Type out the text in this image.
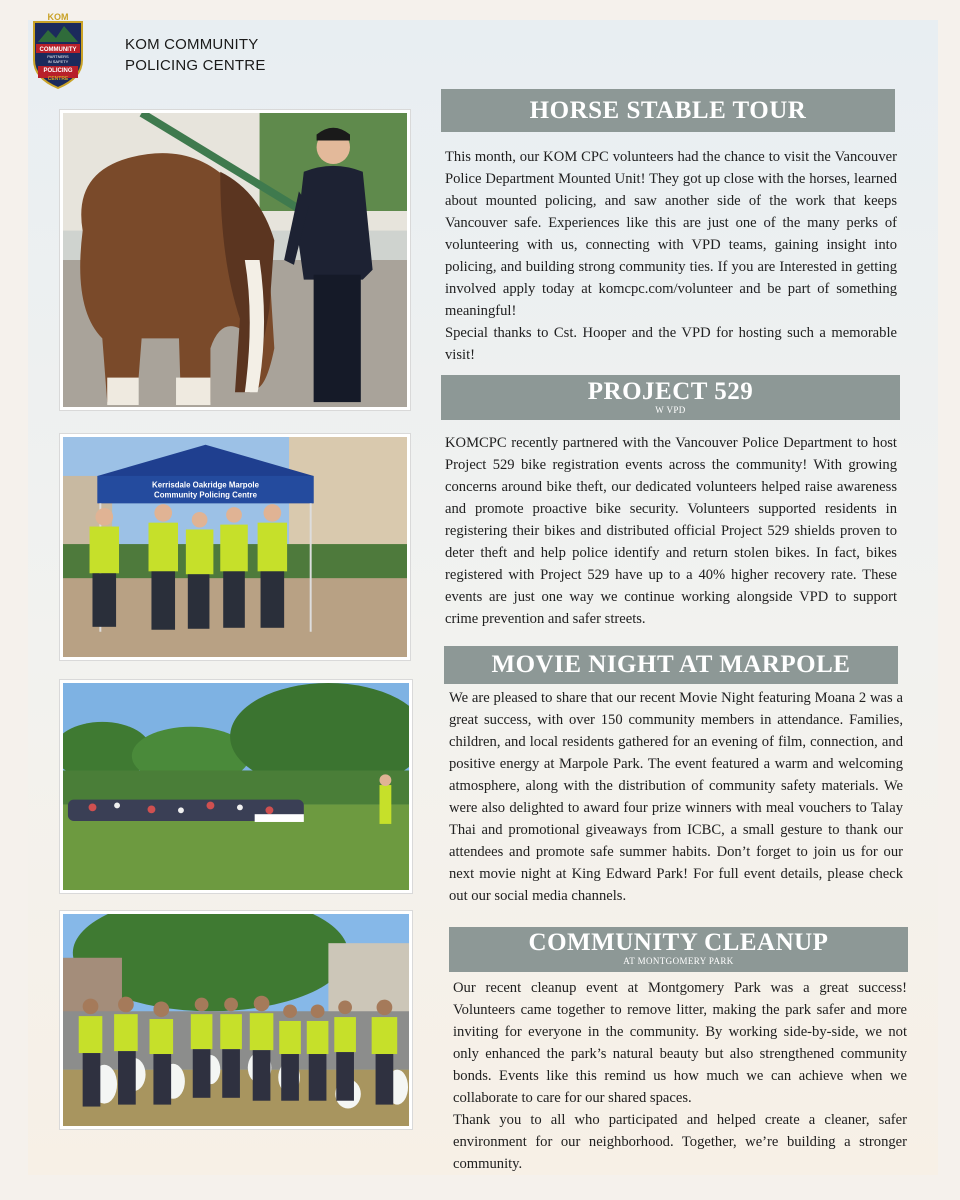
KOM
COMMUNITY
PARTNERS
IN SAFETY
POLICING
CENTRE
KOM COMMUNITY
POLICING CENTRE
Kerrisdale Oakridge Marpole
Community Policing Centre
HORSE STABLE TOUR

This month, our KOM CPC volunteers had the chance to visit the Vancouver Police Department Mounted Unit! They got up close with the horses, learned about mounted policing, and saw another side of the work that keeps Vancouver safe. Experiences like this are just one of the many perks of volunteering with us, connecting with VPD teams, gaining insight into policing, and building strong community ties. If you are Interested in getting involved apply today at komcpc.com/volunteer and be part of something meaningful!

Special thanks to Cst. Hooper and the VPD for hosting such a memorable visit!

PROJECT 529
W VPD

KOMCPC recently partnered with the Vancouver Police Department to host Project 529 bike registration events across the community! With growing concerns around bike theft, our dedicated volunteers helped raise awareness and promote proactive bike security. Volunteers supported residents in registering their bikes and distributed official Project 529 shields proven to deter theft and help police identify and return stolen bikes. In fact, bikes registered with Project 529 have up to a 40% higher recovery rate. These events are just one way we continue working alongside VPD to support crime prevention and safer streets.

MOVIE NIGHT AT MARPOLE

We are pleased to share that our recent Movie Night featuring Moana 2 was a great success, with over 150 community members in attendance. Families, children, and local residents gathered for an evening of film, connection, and positive energy at Marpole Park. The event featured a warm and welcoming atmosphere, along with the distribution of community safety materials. We were also delighted to award four prize winners with meal vouchers to Talay Thai and promotional giveaways from ICBC, a small gesture to thank our attendees and promote safe summer habits. Don’t forget to join us for our next movie night at King Edward Park! For full event details, please check out our social media channels.

COMMUNITY CLEANUP
AT MONTGOMERY PARK

Our recent cleanup event at Montgomery Park was a great success! Volunteers came together to remove litter, making the park safer and more inviting for everyone in the community. By working side-by-side, we not only enhanced the park’s natural beauty but also strengthened community bonds. Events like this remind us how much we can achieve when we collaborate to care for our shared spaces.

Thank you to all who participated and helped create a cleaner, safer environment for our neighborhood. Together, we’re building a stronger community.
